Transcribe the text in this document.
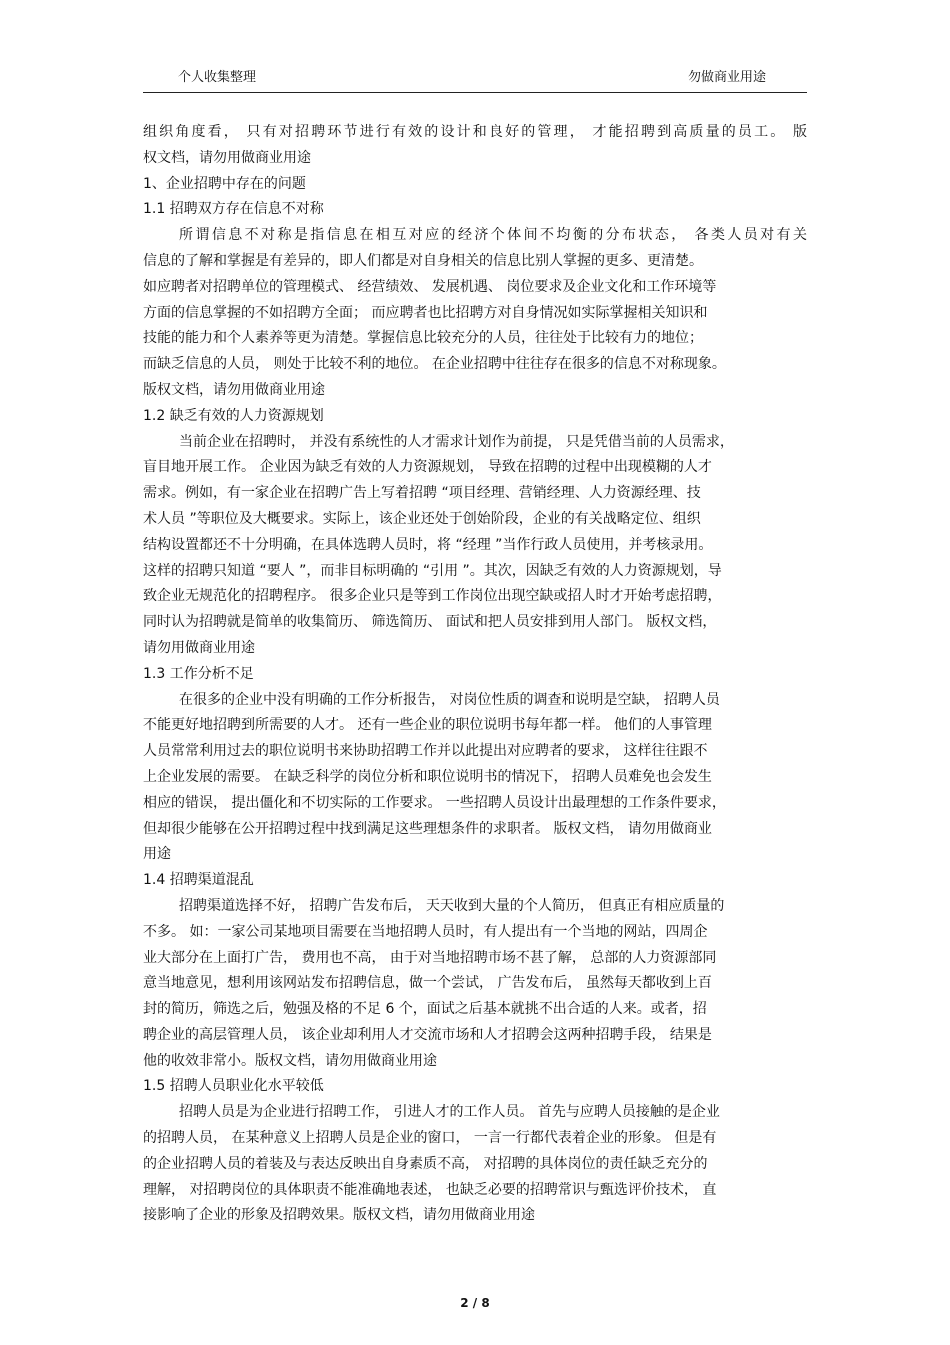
个人收集整理	勿做商业用途
组织角度看， 只有对招聘环节进行有效的设计和良好的管理， 才能招聘到高质量的员工。 版
权文档，请勿用做商业用途
1、企业招聘中存在的问题
1.1 招聘双方存在信息不对称
所谓信息不对称是指信息在相互对应的经济个体间不均衡的分布状态， 各类人员对有关
信息的了解和掌握是有差异的，即人们都是对自身相关的信息比别人掌握的更多、更清楚。
如应聘者对招聘单位的管理模式、 经营绩效、 发展机遇、 岗位要求及企业文化和工作环境等
方面的信息掌握的不如招聘方全面； 而应聘者也比招聘方对自身情况如实际掌握相关知识和
技能的能力和个人素养等更为清楚。掌握信息比较充分的人员，往往处于比较有力的地位；
而缺乏信息的人员， 则处于比较不利的地位。 在企业招聘中往往存在很多的信息不对称现象。
版权文档，请勿用做商业用途
1.2 缺乏有效的人力资源规划
当前企业在招聘时， 并没有系统性的人才需求计划作为前提， 只是凭借当前的人员需求，
盲目地开展工作。 企业因为缺乏有效的人力资源规划， 导致在招聘的过程中出现模糊的人才
需求。例如，有一家企业在招聘广告上写着招聘 “项目经理、营销经理、人力资源经理、技
术人员 ”等职位及大概要求。实际上，该企业还处于创始阶段，企业的有关战略定位、组织
结构设置都还不十分明确，在具体选聘人员时，将 “经理 ”当作行政人员使用，并考核录用。
这样的招聘只知道 “要人 ”，而非目标明确的 “引用 ”。其次，因缺乏有效的人力资源规划，导
致企业无规范化的招聘程序。 很多企业只是等到工作岗位出现空缺或招人时才开始考虑招聘，
同时认为招聘就是简单的收集简历、 筛选简历、 面试和把人员安排到用人部门。 版权文档，
请勿用做商业用途
1.3 工作分析不足
在很多的企业中没有明确的工作分析报告， 对岗位性质的调查和说明是空缺， 招聘人员
不能更好地招聘到所需要的人才。 还有一些企业的职位说明书每年都一样。 他们的人事管理
人员常常利用过去的职位说明书来协助招聘工作并以此提出对应聘者的要求， 这样往往跟不
上企业发展的需要。 在缺乏科学的岗位分析和职位说明书的情况下， 招聘人员难免也会发生
相应的错误， 提出僵化和不切实际的工作要求。 一些招聘人员设计出最理想的工作条件要求，
但却很少能够在公开招聘过程中找到满足这些理想条件的求职者。 版权文档， 请勿用做商业
用途
1.4 招聘渠道混乱
招聘渠道选择不好， 招聘广告发布后， 天天收到大量的个人简历， 但真正有相应质量的
不多。 如：一家公司某地项目需要在当地招聘人员时，有人提出有一个当地的网站，四周企
业大部分在上面打广告， 费用也不高， 由于对当地招聘市场不甚了解， 总部的人力资源部同
意当地意见，想利用该网站发布招聘信息，做一个尝试， 广告发布后， 虽然每天都收到上百
封的简历，筛选之后，勉强及格的不足 6 个，面试之后基本就挑不出合适的人来。或者，招
聘企业的高层管理人员， 该企业却利用人才交流市场和人才招聘会这两种招聘手段， 结果是
他的收效非常小。版权文档，请勿用做商业用途
1.5 招聘人员职业化水平较低
招聘人员是为企业进行招聘工作， 引进人才的工作人员。 首先与应聘人员接触的是企业
的招聘人员， 在某种意义上招聘人员是企业的窗口， 一言一行都代表着企业的形象。 但是有
的企业招聘人员的着装及与表达反映出自身素质不高， 对招聘的具体岗位的责任缺乏充分的
理解， 对招聘岗位的具体职责不能准确地表述， 也缺乏必要的招聘常识与甄选评价技术， 直
接影响了企业的形象及招聘效果。版权文档，请勿用做商业用途
2 / 8
